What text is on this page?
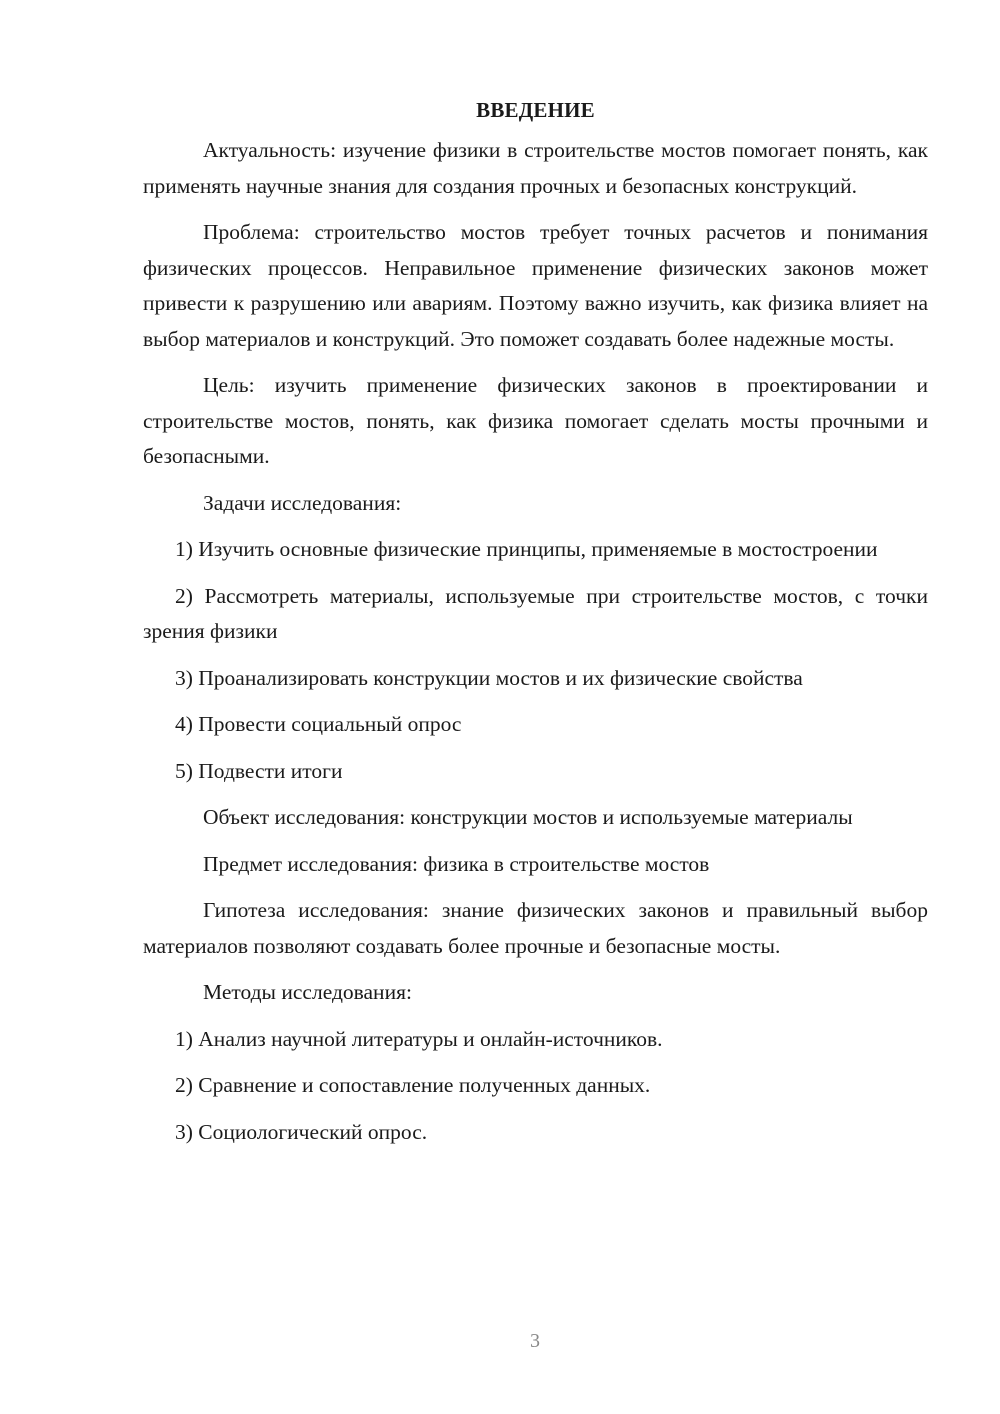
ВВЕДЕНИЕ

Актуальность: изучение физики в строительстве мостов помогает понять, как применять научные знания для создания прочных и безопасных конструкций.

Проблема: строительство мостов требует точных расчетов и понимания физических процессов. Неправильное применение физических законов может привести к разрушению или авариям. Поэтому важно изучить, как физика влияет на выбор материалов и конструкций. Это поможет создавать более надежные мосты.

Цель: изучить применение физических законов в проектировании и строительстве мостов, понять, как физика помогает сделать мосты прочными и безопасными.

Задачи исследования:

1) Изучить основные физические принципы, применяемые в мостостроении

2) Рассмотреть материалы, используемые при строительстве мостов, с точки зрения физики

3) Проанализировать конструкции мостов и их физические свойства

4) Провести социальный опрос

5) Подвести итоги

Объект исследования: конструкции мостов и используемые материалы

Предмет исследования: физика в строительстве мостов

Гипотеза исследования: знание физических законов и правильный выбор материалов позволяют создавать более прочные и безопасные мосты.

Методы исследования:

1) Анализ научной литературы и онлайн-источников.

2) Сравнение и сопоставление полученных данных.

3) Социологический опрос.

3
